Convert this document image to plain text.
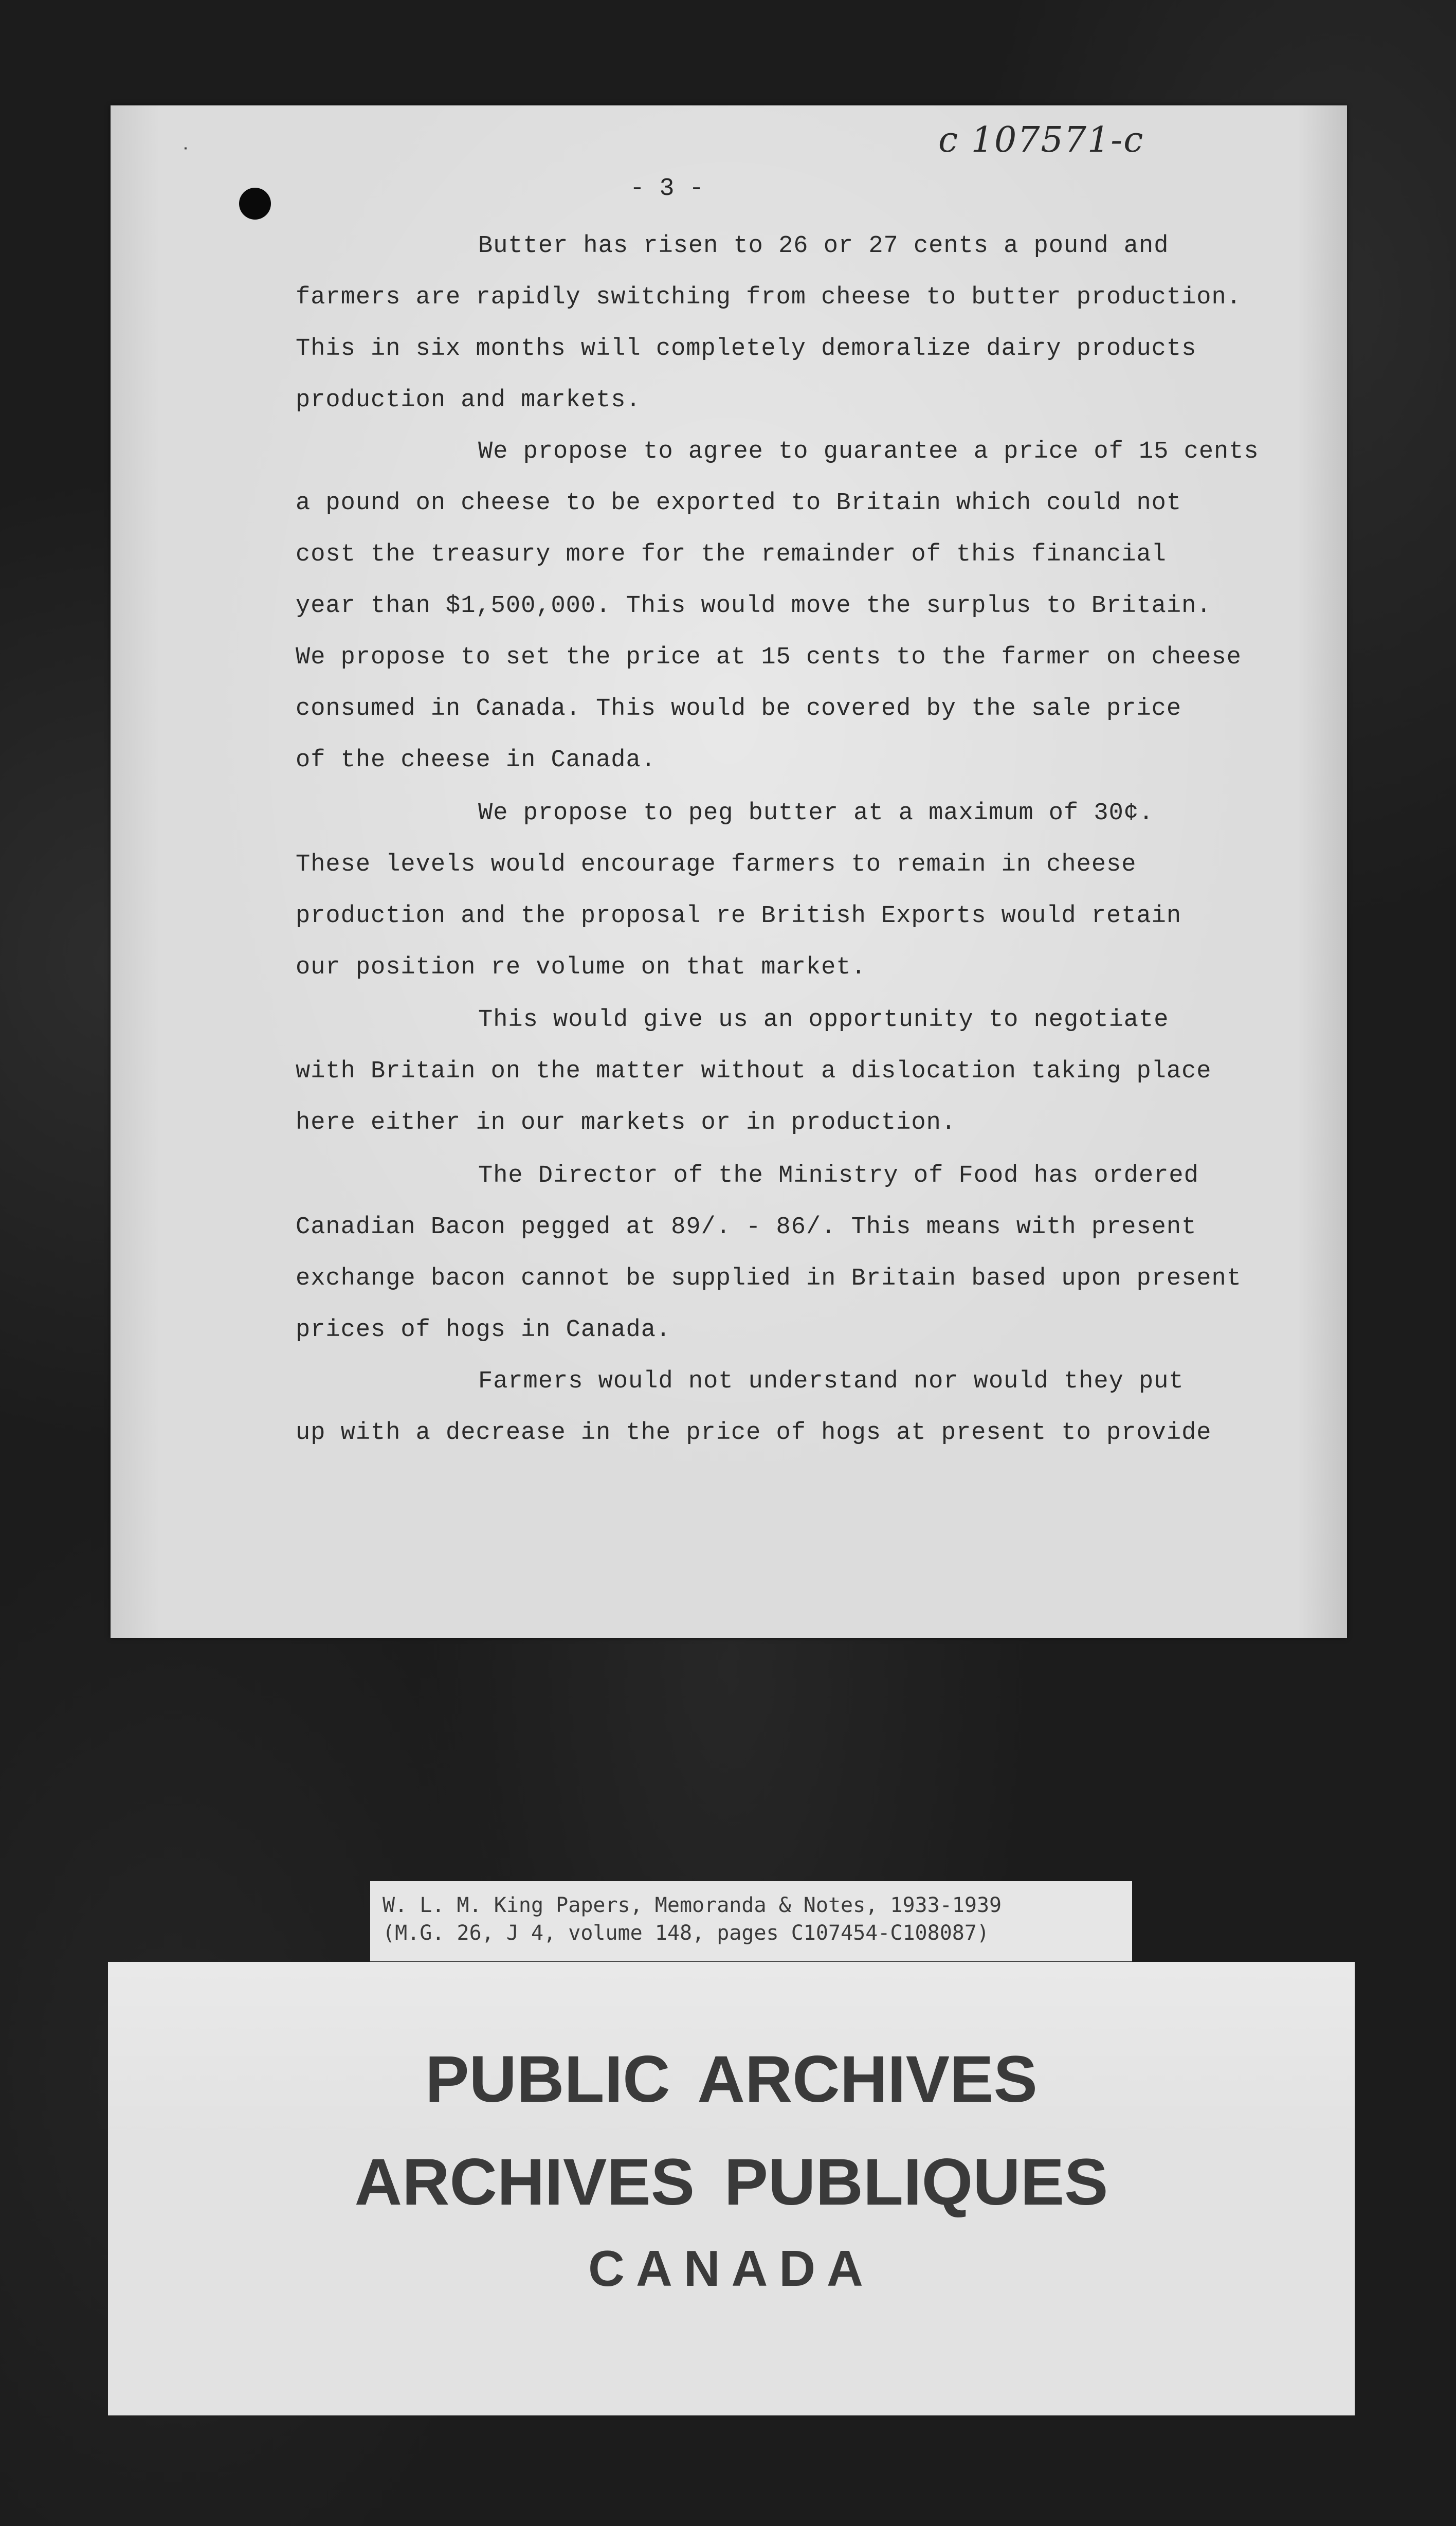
c 107571-c
ᐝ
- 3 -
Butter has risen to 26 or 27 cents a pound and
farmers are rapidly switching from cheese to butter production.
This in six months will completely demoralize dairy products
production and markets.
We propose to agree to guarantee a price of 15 cents
a pound on cheese to be exported to Britain which could not
cost the treasury more for the remainder of this financial
year than $1,500,000. This would move the surplus to Britain.
We propose to set the price at 15 cents to the farmer on cheese
consumed in Canada. This would be covered by the sale price
of the cheese in Canada.
We propose to peg butter at a maximum of 30¢.
These levels would encourage farmers to remain in cheese
production and the proposal re British Exports would retain
our position re volume on that market.
This would give us an opportunity to negotiate
with Britain on the matter without a dislocation taking place
here either in our markets or in production.
The Director of the Ministry of Food has ordered
Canadian Bacon pegged at 89/. - 86/. This means with present
exchange bacon cannot be supplied in Britain based upon present
prices of hogs in Canada.
Farmers would not understand nor would they put
up with a decrease in the price of hogs at present to provide
W. L. M. King Papers, Memoranda & Notes, 1933-1939
(M.G. 26, J 4, volume 148, pages C107454-C108087)
PUBLIC ARCHIVES
ARCHIVES PUBLIQUES
CANADA
